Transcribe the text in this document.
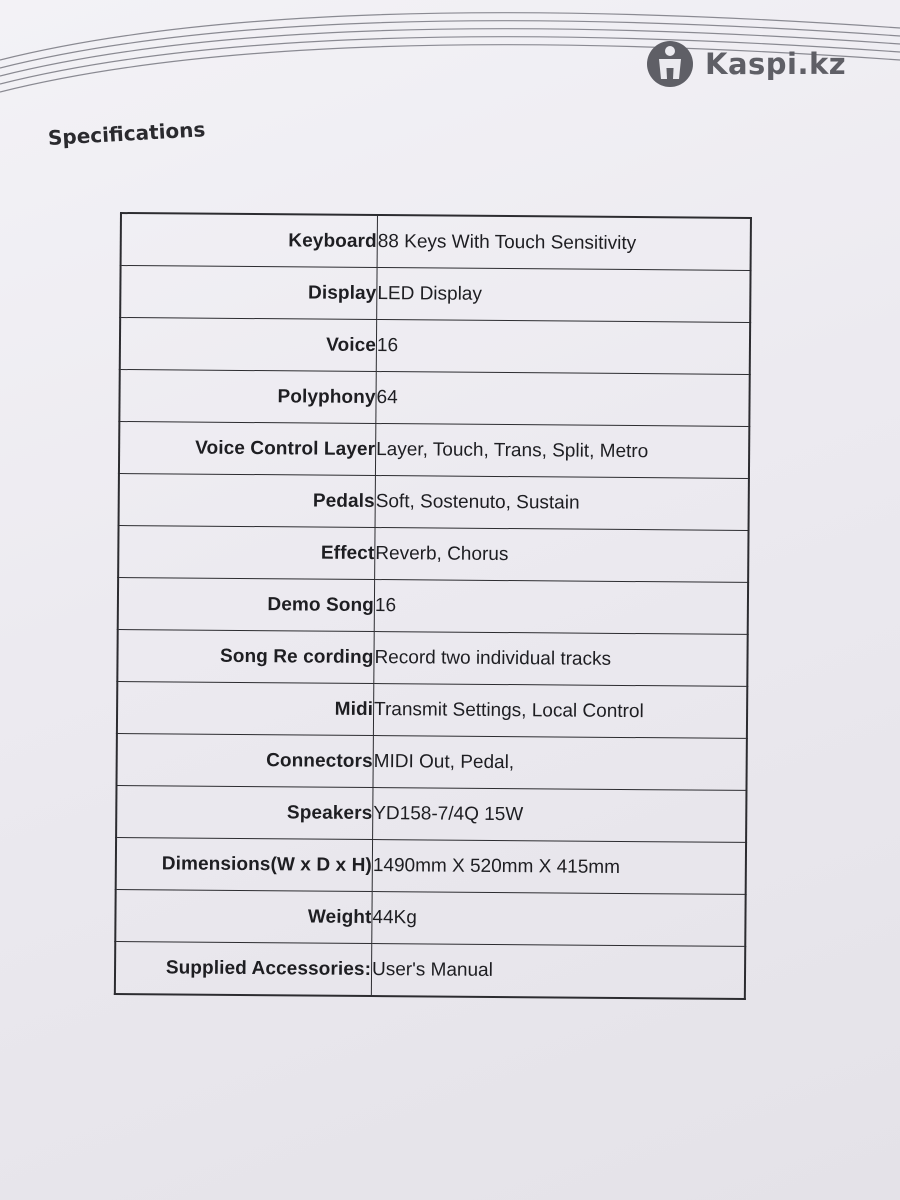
Kaspi.kz
Specifications
Keyboard	88 Keys With Touch Sensitivity
Display	LED Display
Voice	16
Polyphony	64
Voice Control Layer	Layer, Touch, Trans, Split, Metro
Pedals	Soft, Sostenuto, Sustain
Effect	Reverb, Chorus
Demo Song	16
Song Re cording	Record two individual tracks
Midi	Transmit Settings, Local Control
Connectors	MIDI Out, Pedal,
Speakers	YD158-7/4Q 15W
Dimensions(W x D x H)	1490mm X 520mm X 415mm
Weight	44Kg
Supplied Accessories:	User's Manual
